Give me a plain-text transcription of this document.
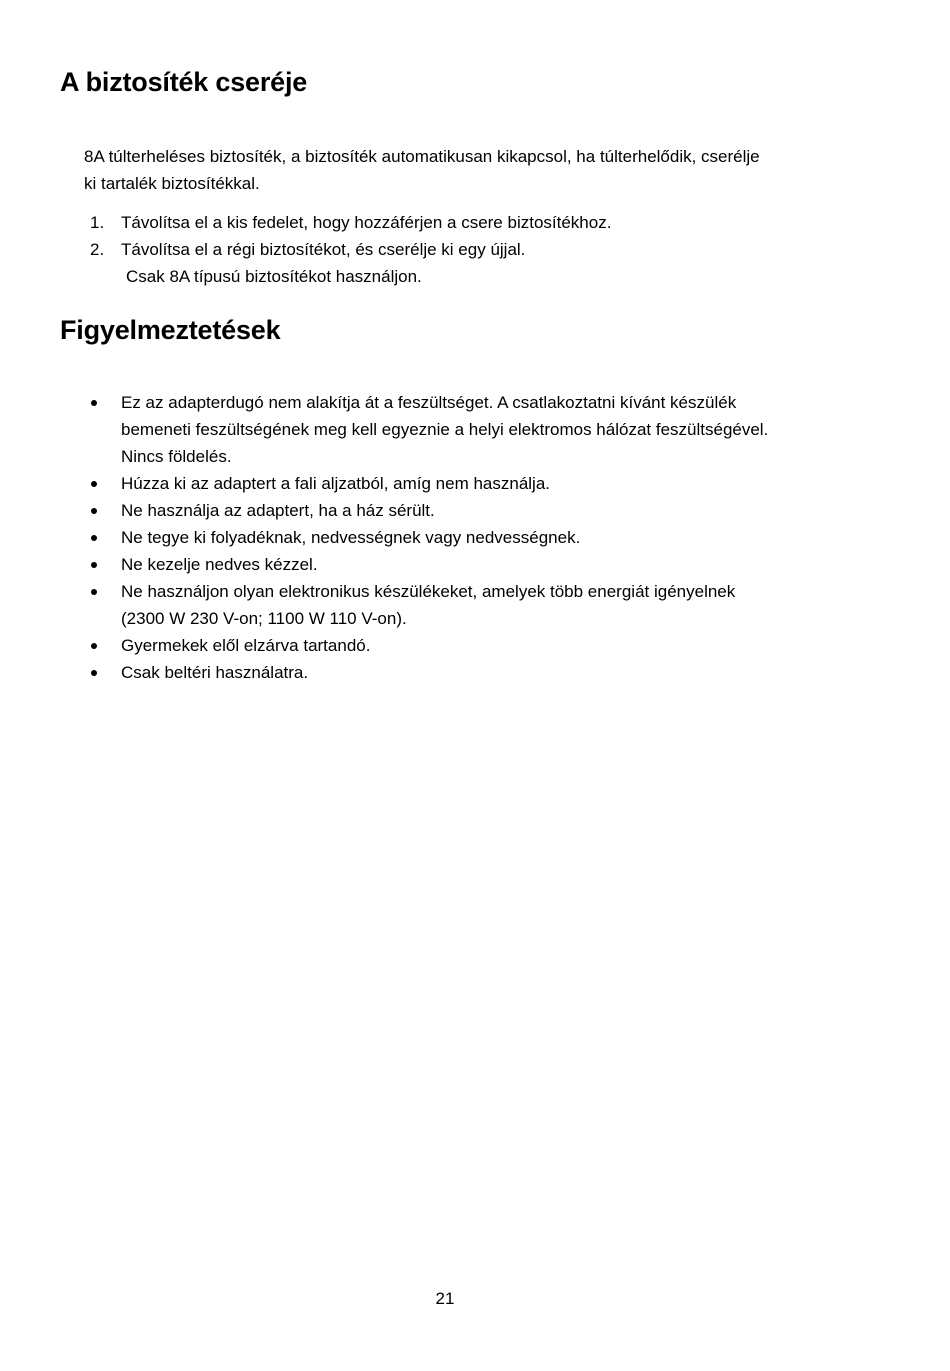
A biztosíték cseréje

8A túlterheléses biztosíték, a biztosíték automatikusan kikapcsol, ha túlterhelődik, cserélje
ki tartalék biztosítékkal.

1. Távolítsa el a kis fedelet, hogy hozzáférjen a csere biztosítékhoz.
2. Távolítsa el a régi biztosítékot, és cserélje ki egy újjal.
Csak 8A típusú biztosítékot használjon.
Figyelmeztetések
Ez az adapterdugó nem alakítja át a feszültséget. A csatlakoztatni kívánt készülék
bemeneti feszültségének meg kell egyeznie a helyi elektromos hálózat feszültségével.
Nincs földelés.
Húzza ki az adaptert a fali aljzatból, amíg nem használja.
Ne használja az adaptert, ha a ház sérült.
Ne tegye ki folyadéknak, nedvességnek vagy nedvességnek.
Ne kezelje nedves kézzel.
Ne használjon olyan elektronikus készülékeket, amelyek több energiát igényelnek
(2300 W 230 V-on; 1100 W 110 V-on).
Gyermekek elől elzárva tartandó.
Csak beltéri használatra.
21
